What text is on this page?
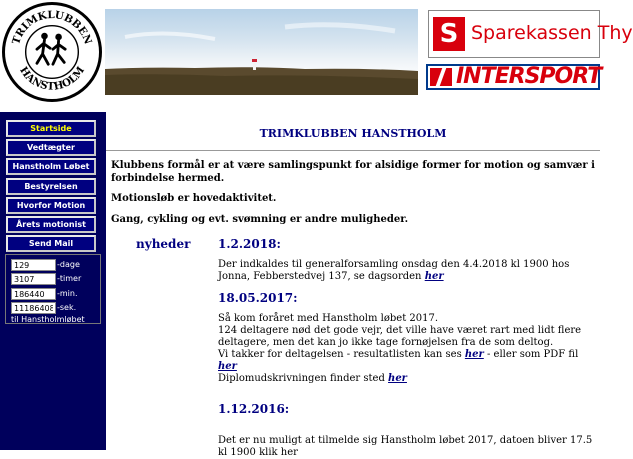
TRIMKLUBBEN
HANSTHOLM
S Sparekassen Thy
INTERSPORT
Startside
Vedtægter
Hanstholm Løbet
Bestyrelsen
Hvorfor Motion
Årets motionist
Send Mail
129
-dage
3107
-timer
186440
-min.
11186408
-sek.
til Hanstholmløbet
TRIMKLUBBEN HANSTHOLM
Klubbens formål er at være samlingspunkt for alsidige former for motion og samvær i forbindelse hermed.
Motionsløb er hovedaktivitet.
Gang, cykling og evt. svømning er andre muligheder.
nyheder 1.2.2018:
Der indkaldes til generalforsamling onsdag den 4.4.2018 kl 1900 hos Jonna, Febberstedvej 137, se dagsorden her
18.05.2017:
Så kom foråret med Hanstholm løbet 2017.
124 deltagere nød det gode vejr, det ville have været rart med lidt flere deltagere, men det kan jo ikke tage fornøjelsen fra de som deltog.
Vi takker for deltagelsen - resultatlisten kan ses her - eller som PDF fil her
Diplomudskrivningen finder sted her
1.12.2016:
Det er nu muligt at tilmelde sig Hanstholm løbet 2017, datoen bliver 17.5 kl 1900 klik her
